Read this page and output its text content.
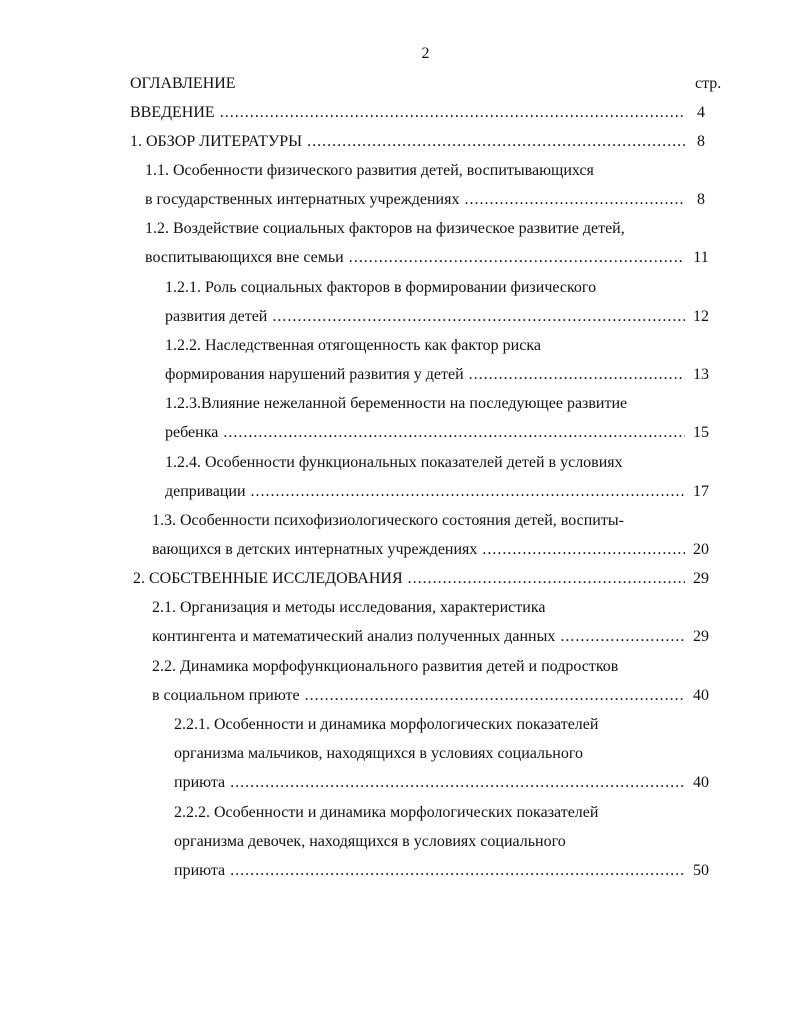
2
ОГЛАВЛЕНИЕ	стр.
ВВЕДЕНИЕ .....	4
1. ОБЗОР ЛИТЕРАТУРЫ .....	8
1.1. Особенности физического развития детей, воспитывающихся
в государственных интернатных учреждениях .....	8
1.2. Воздействие социальных факторов на физическое развитие детей,
воспитывающихся вне семьи .....	11
1.2.1. Роль социальных факторов в формировании физического
развития детей .....	12
1.2.2. Наследственная отягощенность как фактор риска
формирования нарушений развития у детей .....	13
1.2.3.Влияние нежеланной беременности на последующее развитие
ребенка .....	15
1.2.4. Особенности функциональных показателей детей в условиях
депривации .....	17
1.3. Особенности психофизиологического состояния детей, воспиты-
вающихся в детских интернатных учреждениях .....	20
2. СОБСТВЕННЫЕ ИССЛЕДОВАНИЯ .....	29
2.1. Организация и методы исследования, характеристика
контингента и математический анализ полученных данных .....	29
2.2. Динамика морфофункционального развития детей и подростков
в социальном приюте .....	40
2.2.1. Особенности и динамика морфологических показателей
организма мальчиков, находящихся в условиях социального
приюта .....	40
2.2.2. Особенности и динамика морфологических показателей
организма девочек, находящихся в условиях социального
приюта .....	50
